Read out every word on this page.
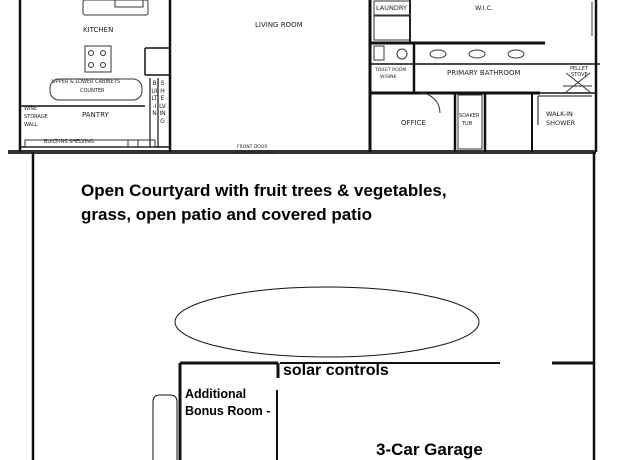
KITCHEN
LIVING ROOM
LAUNDRY	W.I.C.
UPPER & LOWER CABINETS
COUNTER
TOILET ROOM
W/SINK
PRIMARY BATHROOM	PELLET
STOVE
WINE
STORAGE
WALL
PANTRY
BUILT-IN
SHELVING
BUILT-INS SHELVING
OFFICE
SOAKER
TUB
WALK-IN
SHOWER
FRONT DOOR
FROM COURTYARD
Open Courtyard with fruit trees & vegetables,
grass, open patio and covered patio
solar controls
Additional
Bonus Room -
3-Car Garage
